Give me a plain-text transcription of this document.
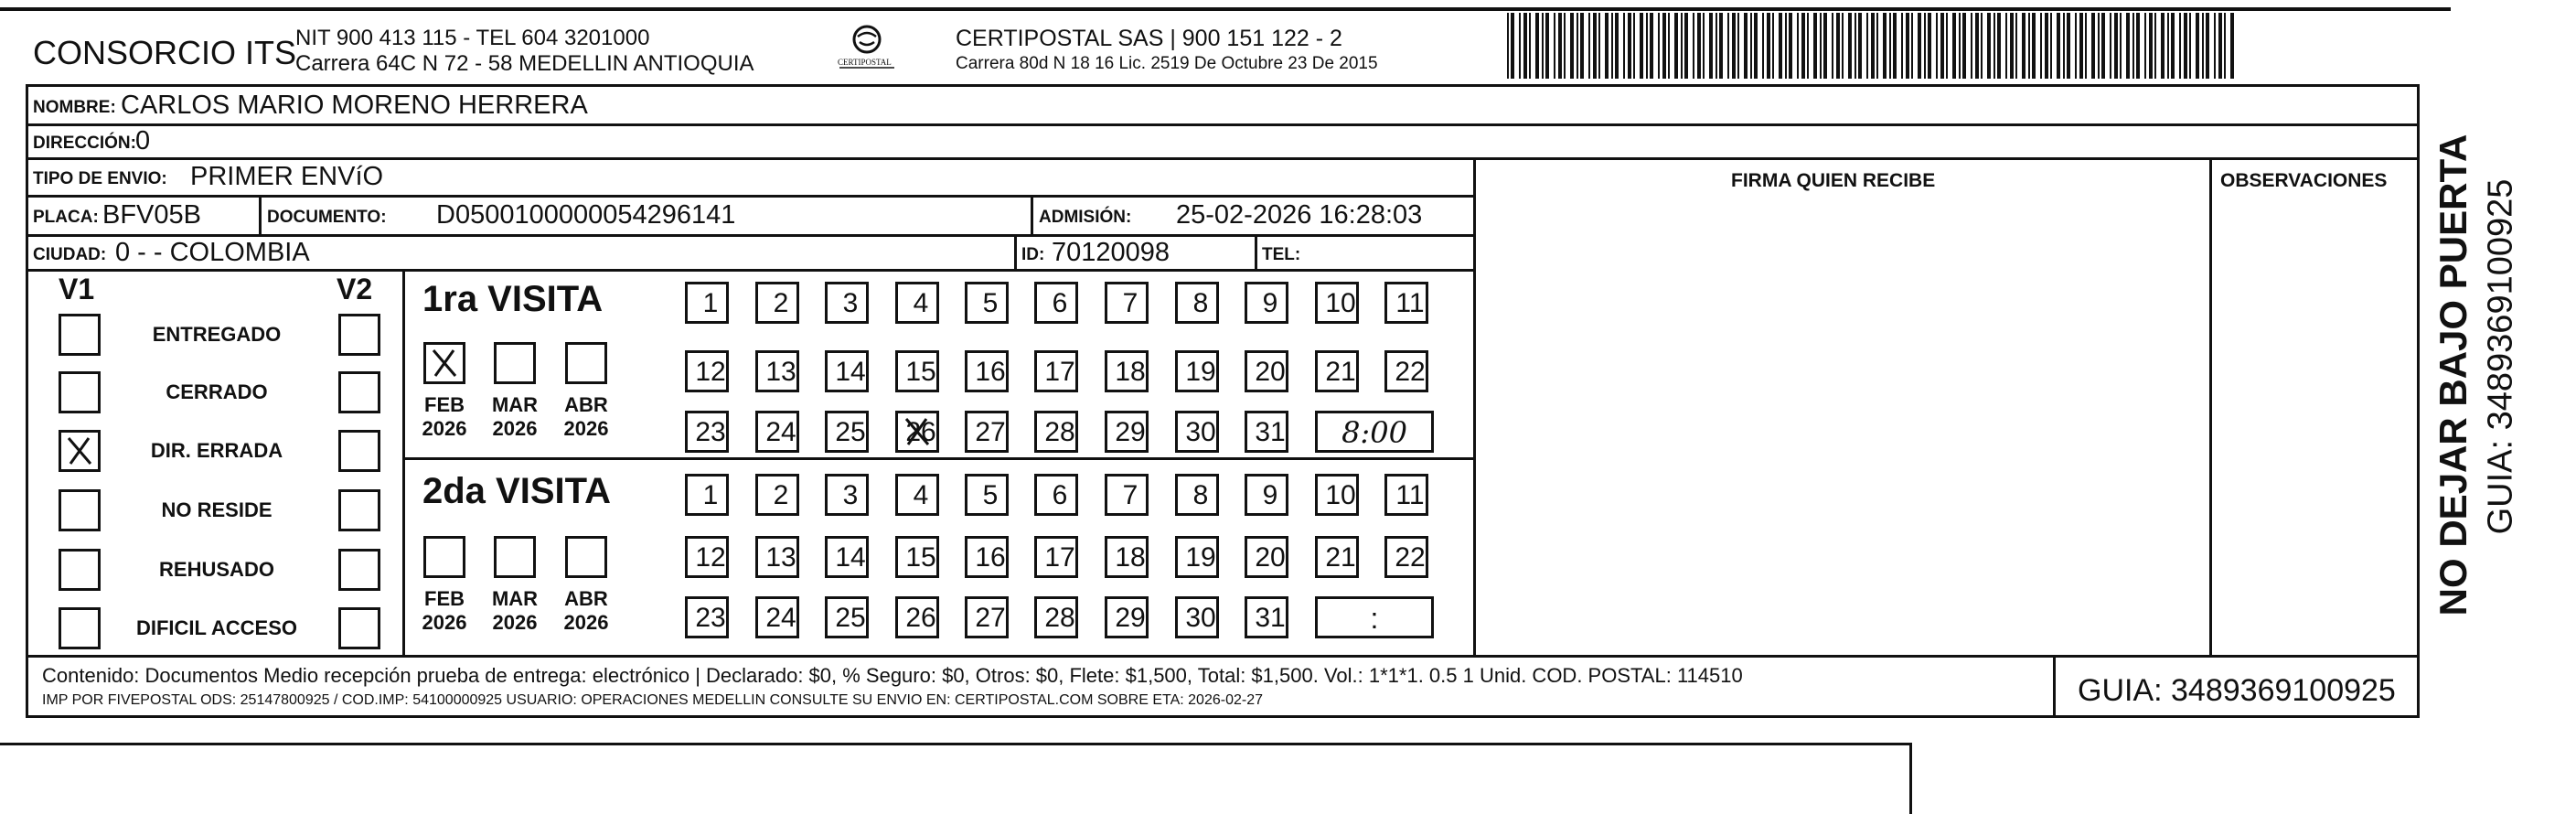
CONSORCIO ITS
NIT 900 413 115 - TEL 604 3201000
Carrera 64C N 72 - 58 MEDELLIN ANTIOQUIA	CERTIPOSTAL
CERTIPOSTAL SAS | 900 151 122 - 2
Carrera 80d N 18 16 Lic. 2519 De Octubre 23 De 2015
NOMBRE: CARLOS MARIO MORENO HERRERA
DIRECCIÓN: 0
TIPO DE ENVIO: PRIMER ENVíO
PLACA: BFV05B	DOCUMENTO: D0500100000054296141	ADMISIÓN: 25-02-2026 16:28:03
CIUDAD: 0 - - COLOMBIA	ID: 70120098	TEL:
FIRMA QUIEN RECIBE	OBSERVACIONES
V1	V2
ENTREGADO
CERRADO
DIR. ERRADA
NO RESIDE
REHUSADO
DIFICIL ACCESO
1ra VISITA
FEB
2026
MAR
2026
ABR
2026
1 2 3 4 5 6 7 8 9 10 11
12 13 14 15 16 17 18 19 20 21 22
23 24 25 26 27 28 29 30 31 8:00
2da VISITA
FEB
2026
MAR
2026
ABR
2026
1 2 3 4 5 6 7 8 9 10 11
12 13 14 15 16 17 18 19 20 21 22
23 24 25 26 27 28 29 30 31	:
Contenido: Documentos Medio recepción prueba de entrega: electrónico | Declarado: $0, % Seguro: $0, Otros: $0, Flete: $1,500, Total: $1,500. Vol.: 1*1*1. 0.5 1 Unid. COD. POSTAL: 114510
IMP POR FIVEPOSTAL ODS: 25147800925 / COD.IMP: 54100000925 USUARIO: OPERACIONES MEDELLIN CONSULTE SU ENVIO EN: CERTIPOSTAL.COM SOBRE ETA: 2026-02-27	GUIA: 3489369100925
NO DEJAR BAJO PUERTA GUIA: 3489369100925
